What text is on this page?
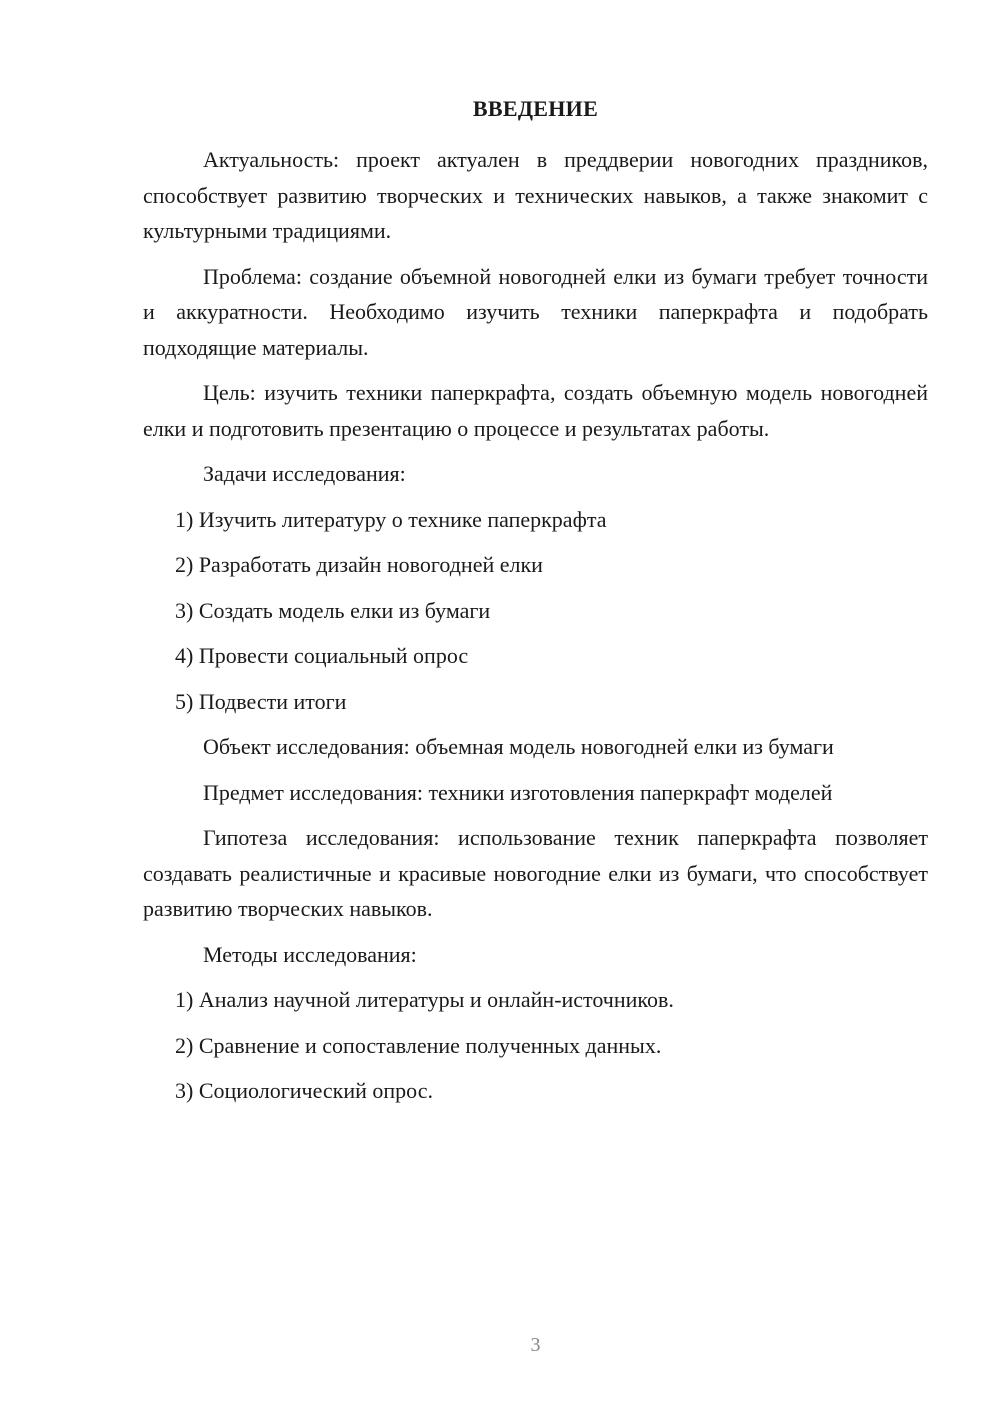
ВВЕДЕНИЕ

Актуальность: проект актуален в преддверии новогодних праздников, способствует развитию творческих и технических навыков, а также знакомит с культурными традициями.

Проблема: создание объемной новогодней елки из бумаги требует точности и аккуратности. Необходимо изучить техники паперкрафта и подобрать подходящие материалы.

Цель: изучить техники паперкрафта, создать объемную модель новогодней елки и подготовить презентацию о процессе и результатах работы.

Задачи исследования:

1) Изучить литературу о технике паперкрафта

2) Разработать дизайн новогодней елки

3) Создать модель елки из бумаги

4) Провести социальный опрос

5) Подвести итоги

Объект исследования: объемная модель новогодней елки из бумаги

Предмет исследования: техники изготовления паперкрафт моделей

Гипотеза исследования: использование техник паперкрафта позволяет создавать реалистичные и красивые новогодние елки из бумаги, что способствует развитию творческих навыков.

Методы исследования:

1) Анализ научной литературы и онлайн-источников.

2) Сравнение и сопоставление полученных данных.

3) Социологический опрос.

3
